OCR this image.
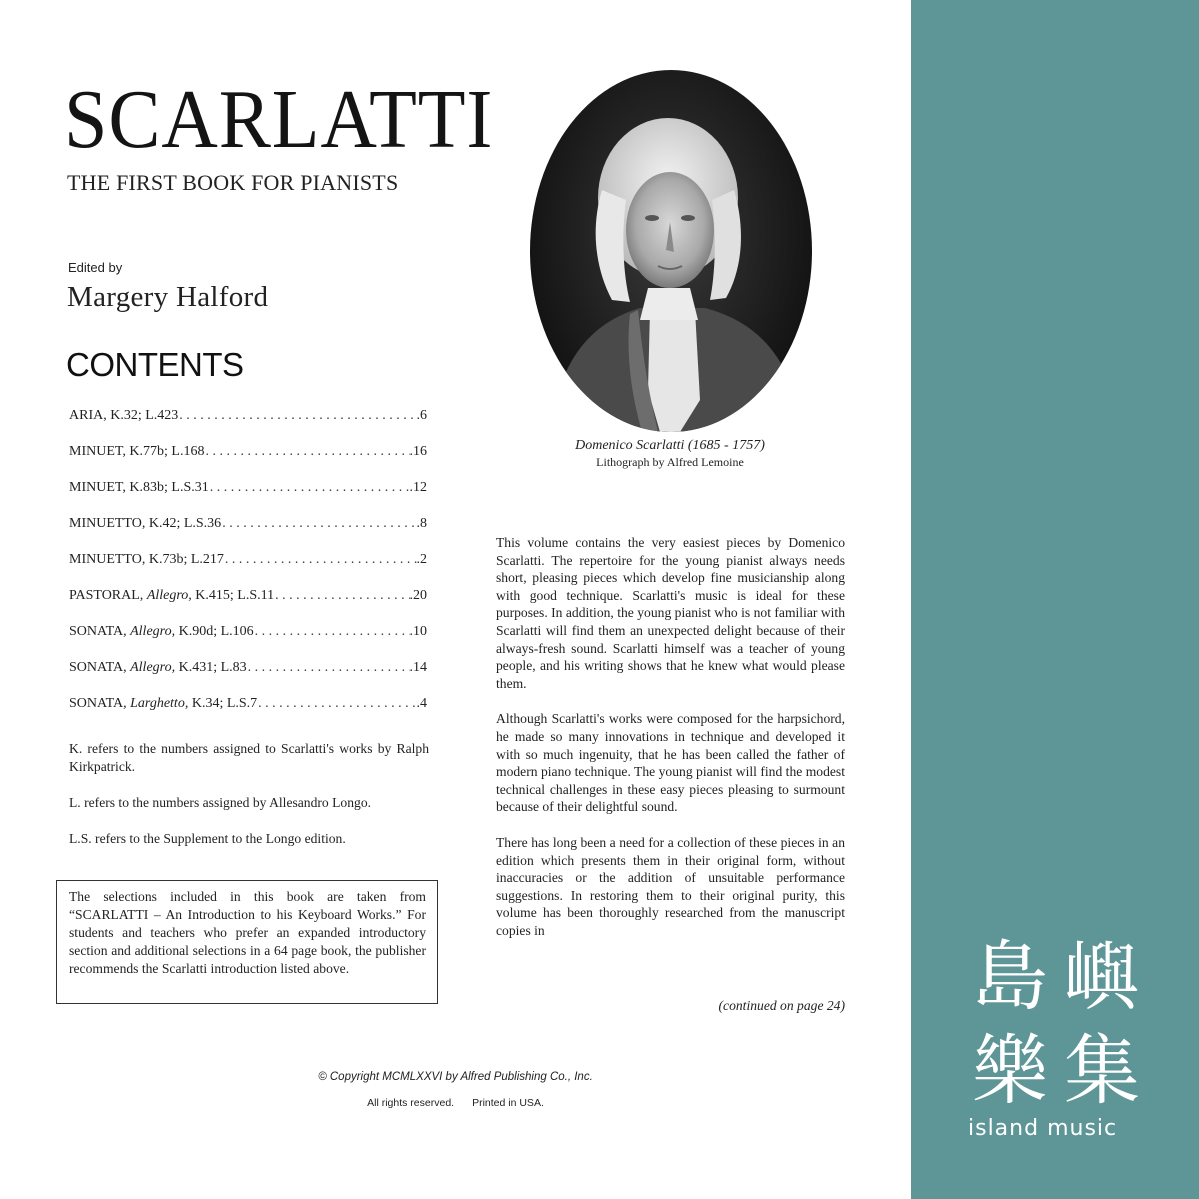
SCARLATTI
THE FIRST BOOK FOR PIANISTS
Edited by
Margery Halford
CONTENTS
ARIA, K.32; L.423 . . .	.6
MINUET, K.77b; L.168 . . .	.16
MINUET, K.83b; L.S.31 . . .	.12
MINUETTO, K.42; L.S.36 . . .	.8
MINUETTO, K.73b; L.217 . . .	.2
PASTORAL, Allegro, K.415; L.S.11 . . .	.20
SONATA, Allegro, K.90d; L.106 . . .	.10
SONATA, Allegro, K.431; L.83 . . .	.14
SONATA, Larghetto, K.34; L.S.7 . . .	.4

K. refers to the numbers assigned to Scarlatti's works by Ralph Kirkpatrick.

L. refers to the numbers assigned by Allesandro Longo.

L.S. refers to the Supplement to the Longo edition.

The selections included in this book are taken from “SCARLATTI – An Introduction to his Keyboard Works.” For students and teachers who prefer an expanded introductory section and additional selections in a 64 page book, the publisher recommends the Scarlatti introduction listed above.
Domenico Scarlatti (1685 - 1757)
Lithograph by Alfred Lemoine

This volume contains the very easiest pieces by Domenico Scarlatti. The repertoire for the young pianist always needs short, pleasing pieces which develop fine musicianship along with good technique. Scarlatti's music is ideal for these purposes. In addition, the young pianist who is not familiar with Scarlatti will find them an unexpected delight because of their always-fresh sound. Scarlatti himself was a teacher of young people, and his writing shows that he knew what would please them.

Although Scarlatti's works were composed for the harpsichord, he made so many innovations in technique and developed it with so much ingenuity, that he has been called the father of modern piano technique. The young pianist will find the modest technical challenges in these easy pieces pleasing to surmount because of their delightful sound.

There has long been a need for a collection of these pieces in an edition which presents them in their original form, without inaccuracies or the addition of unsuitable performance suggestions. In restoring them to their original purity, this volume has been thoroughly researched from the manuscript copies in

(continued on page 24)
© Copyright MCMLXXVI by Alfred Publishing Co., Inc.
All rights reserved. Printed in USA.
島 嶼
樂 集
island music
